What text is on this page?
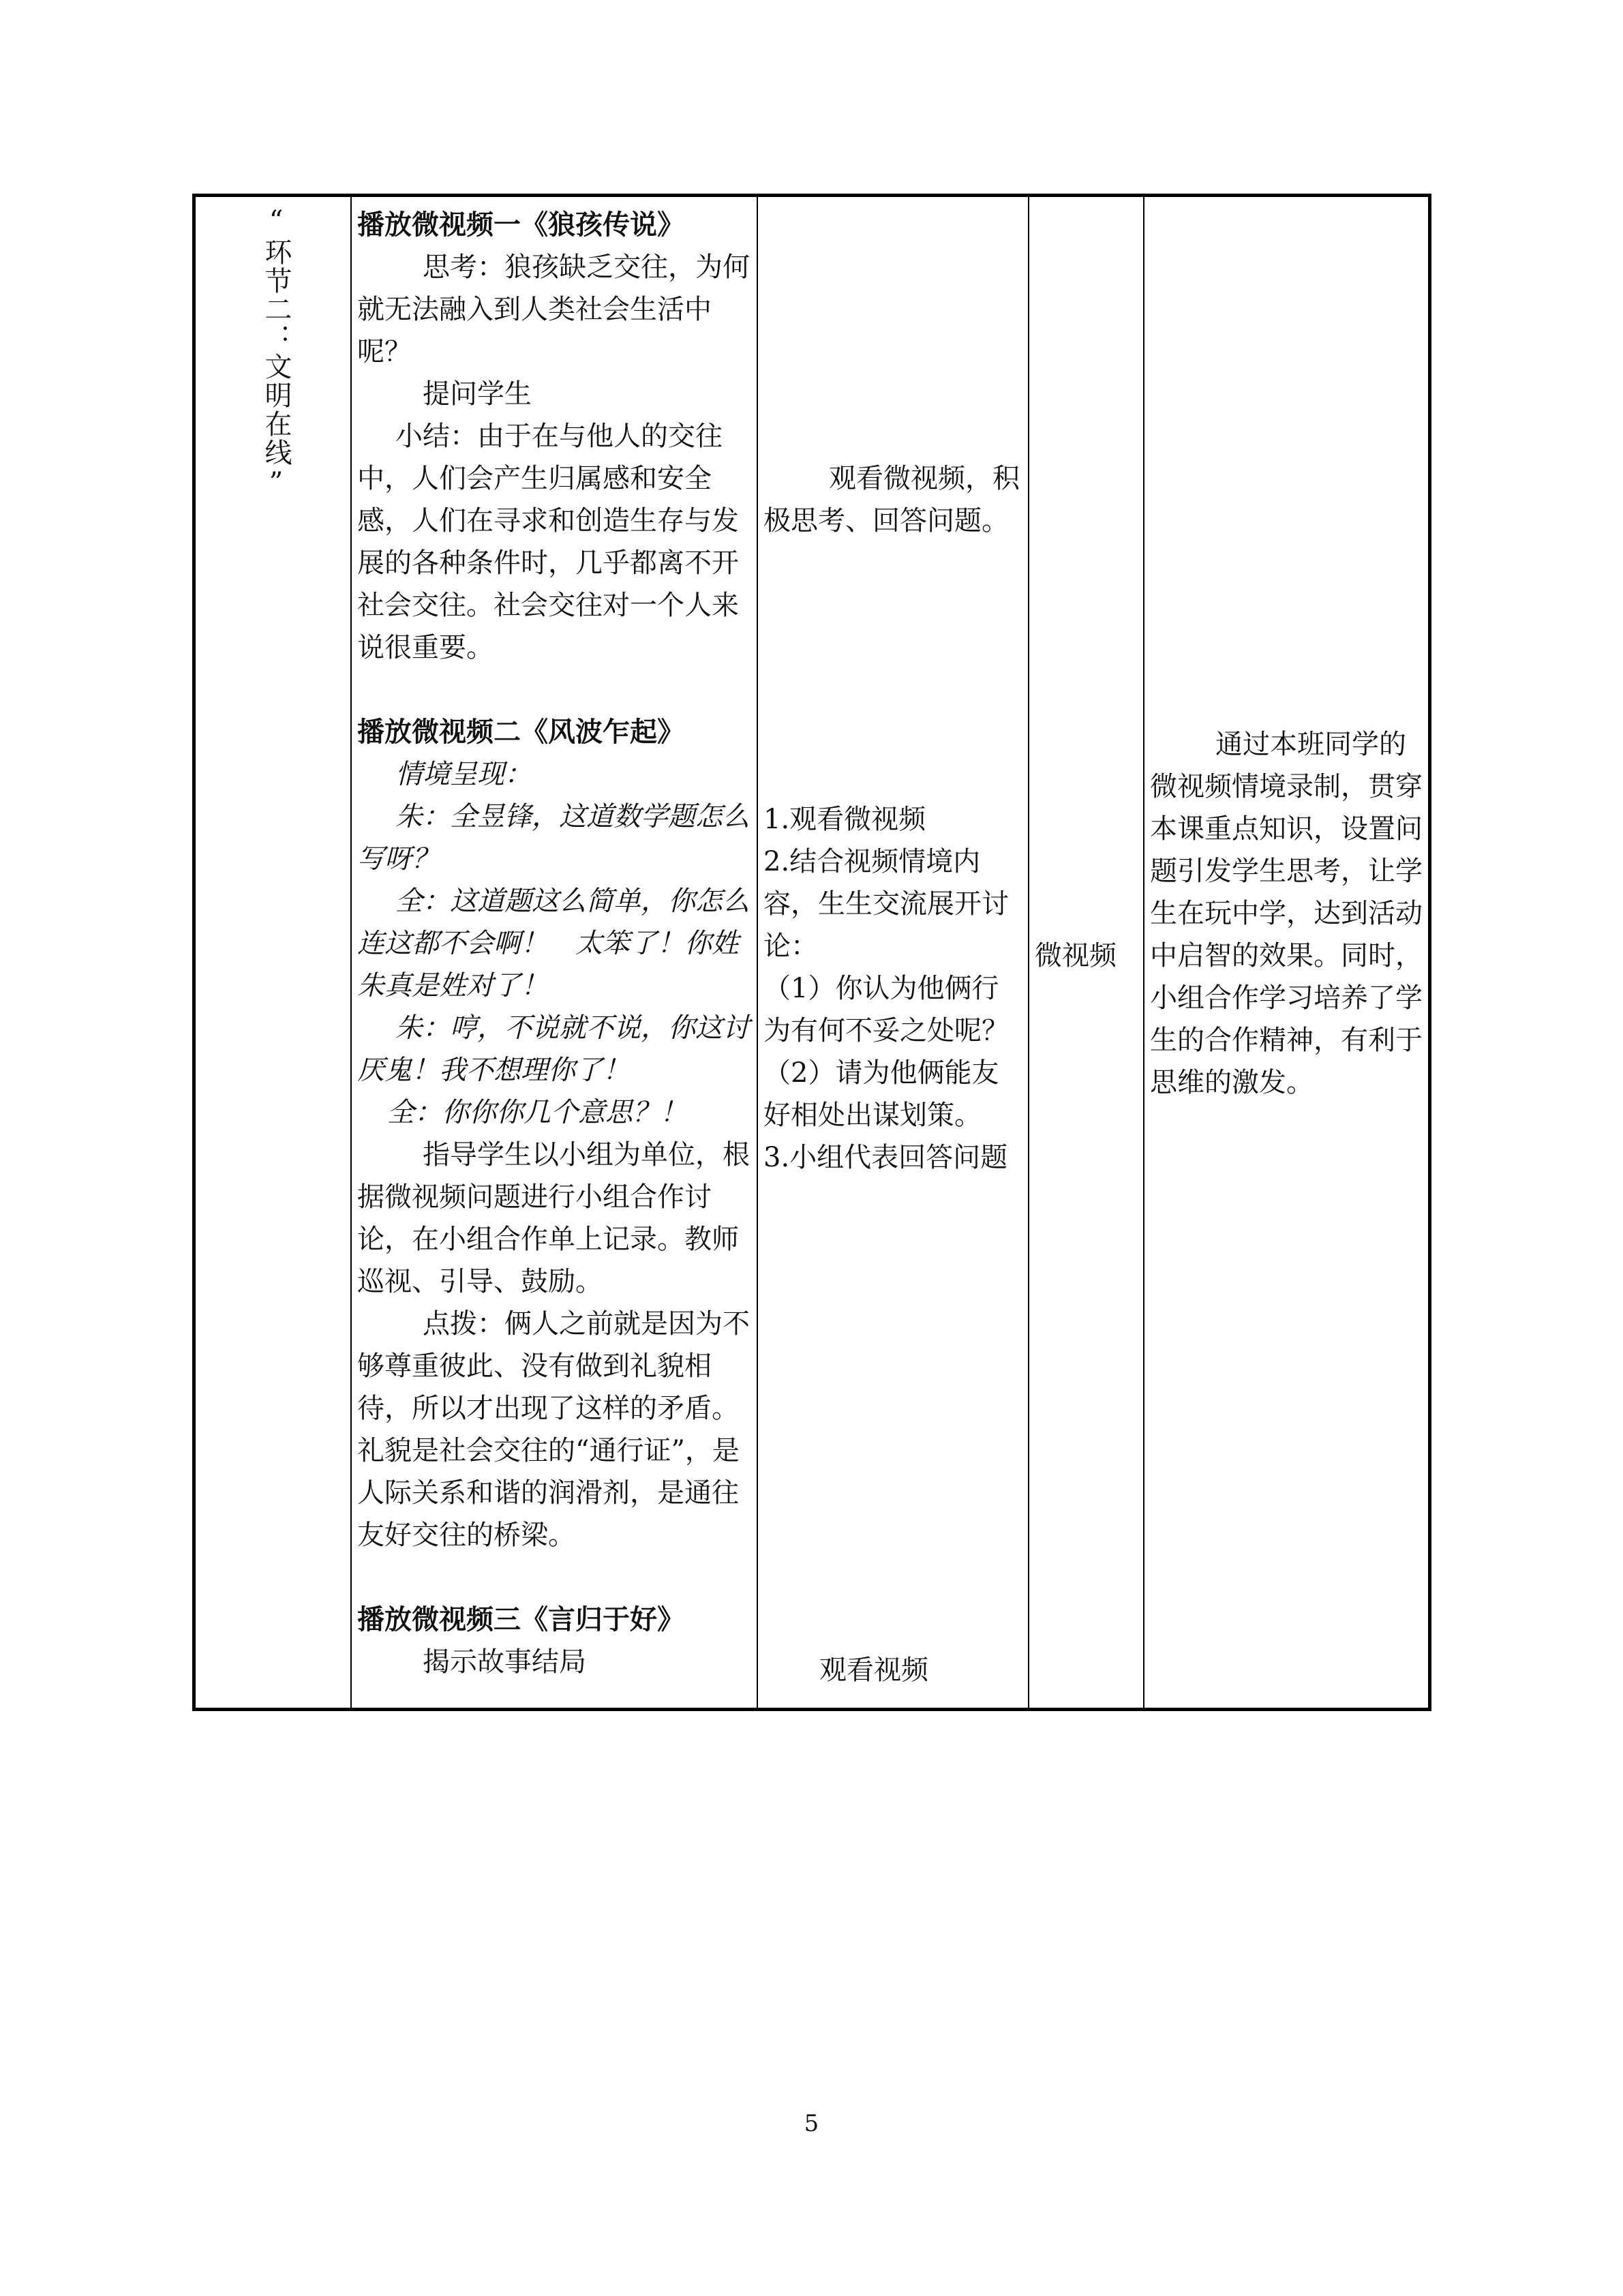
“环节二：文明在线” 播放微视频一《狼孩传说》

思考：狼孩缺乏交往，为何就无法融入到人类社会生活中呢？

提问学生

小结：由于在与他人的交往中，人们会产生归属感和安全感，人们在寻求和创造生存与发展的各种条件时，几乎都离不开社会交往。社会交往对一个人来说很重要。

播放微视频二《风波乍起》

情境呈现：

朱：全昱锋，这道数学题怎么写呀？

全：这道题这么简单，你怎么连这都不会啊！　太笨了！你姓朱真是姓对了！

朱：哼，不说就不说，你这讨厌鬼！我不想理你了！

全：你你你几个意思？！

指导学生以小组为单位，根据微视频问题进行小组合作讨论，在小组合作单上记录。教师巡视、引导、鼓励。

点拨：俩人之前就是因为不够尊重彼此、没有做到礼貌相待，所以才出现了这样的矛盾。礼貌是社会交往的“通行证”，是人际关系和谐的润滑剂，是通往友好交往的桥梁。

播放微视频三《言归于好》

揭示故事结局

观看微视频，积极思考、回答问题。

1.观看微视频

2.结合视频情境内容，生生交流展开讨论：

（1）你认为他俩行为有何不妥之处呢？

（2）请为他俩能友好相处出谋划策。

3.小组代表回答问题

观看视频

微视频

通过本班同学的微视频情境录制，贯穿本课重点知识，设置问题引发学生思考，让学生在玩中学，达到活动中启智的效果。同时，小组合作学习培养了学生的合作精神，有利于思维的激发。

5
